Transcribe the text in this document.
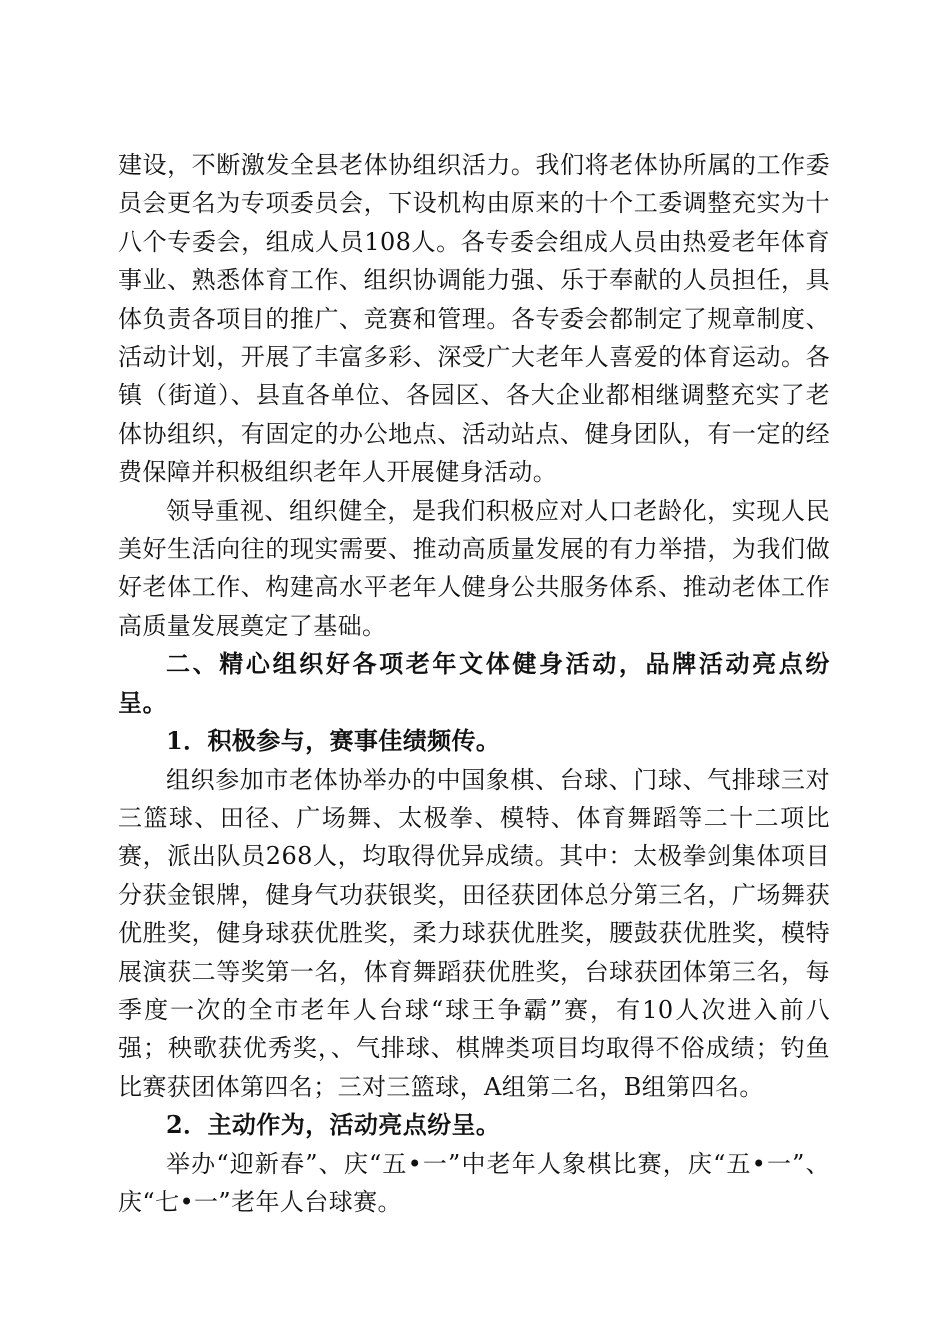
建设，不断激发全县老体协组织活力。我们将老体协所属的工作委员会更名为专项委员会，下设机构由原来的十个工委调整充实为十八个专委会，组成人员108人。各专委会组成人员由热爱老年体育事业、熟悉体育工作、组织协调能力强、乐于奉献的人员担任，具体负责各项目的推广、竞赛和管理。各专委会都制定了规章制度、活动计划，开展了丰富多彩、深受广大老年人喜爱的体育运动。各镇（街道）、县直各单位、各园区、各大企业都相继调整充实了老体协组织，有固定的办公地点、活动站点、健身团队，有一定的经费保障并积极组织老年人开展健身活动。

领导重视、组织健全，是我们积极应对人口老龄化，实现人民美好生活向往的现实需要、推动高质量发展的有力举措，为我们做好老体工作、构建高水平老年人健身公共服务体系、推动老体工作高质量发展奠定了基础。

二、精心组织好各项老年文体健身活动，品牌活动亮点纷呈。

1．积极参与，赛事佳绩频传。

组织参加市老体协举办的中国象棋、台球、门球、气排球三对三篮球、田径、广场舞、太极拳、模特、体育舞蹈等二十二项比赛，派出队员268人，均取得优异成绩。其中：太极拳剑集体项目分获金银牌，健身气功获银奖，田径获团体总分第三名，广场舞获优胜奖，健身球获优胜奖，柔力球获优胜奖，腰鼓获优胜奖，模特展演获二等奖第一名，体育舞蹈获优胜奖，台球获团体第三名，每季度一次的全市老年人台球“球王争霸”赛，有10人次进入前八强；秧歌获优秀奖，、气排球、棋牌类项目均取得不俗成绩；钓鱼比赛获团体第四名；三对三篮球，A组第二名，B组第四名。

2．主动作为，活动亮点纷呈。

举办“迎新春”、庆“五•一”中老年人象棋比赛，庆“五•一”、庆“七•一”老年人台球赛。
